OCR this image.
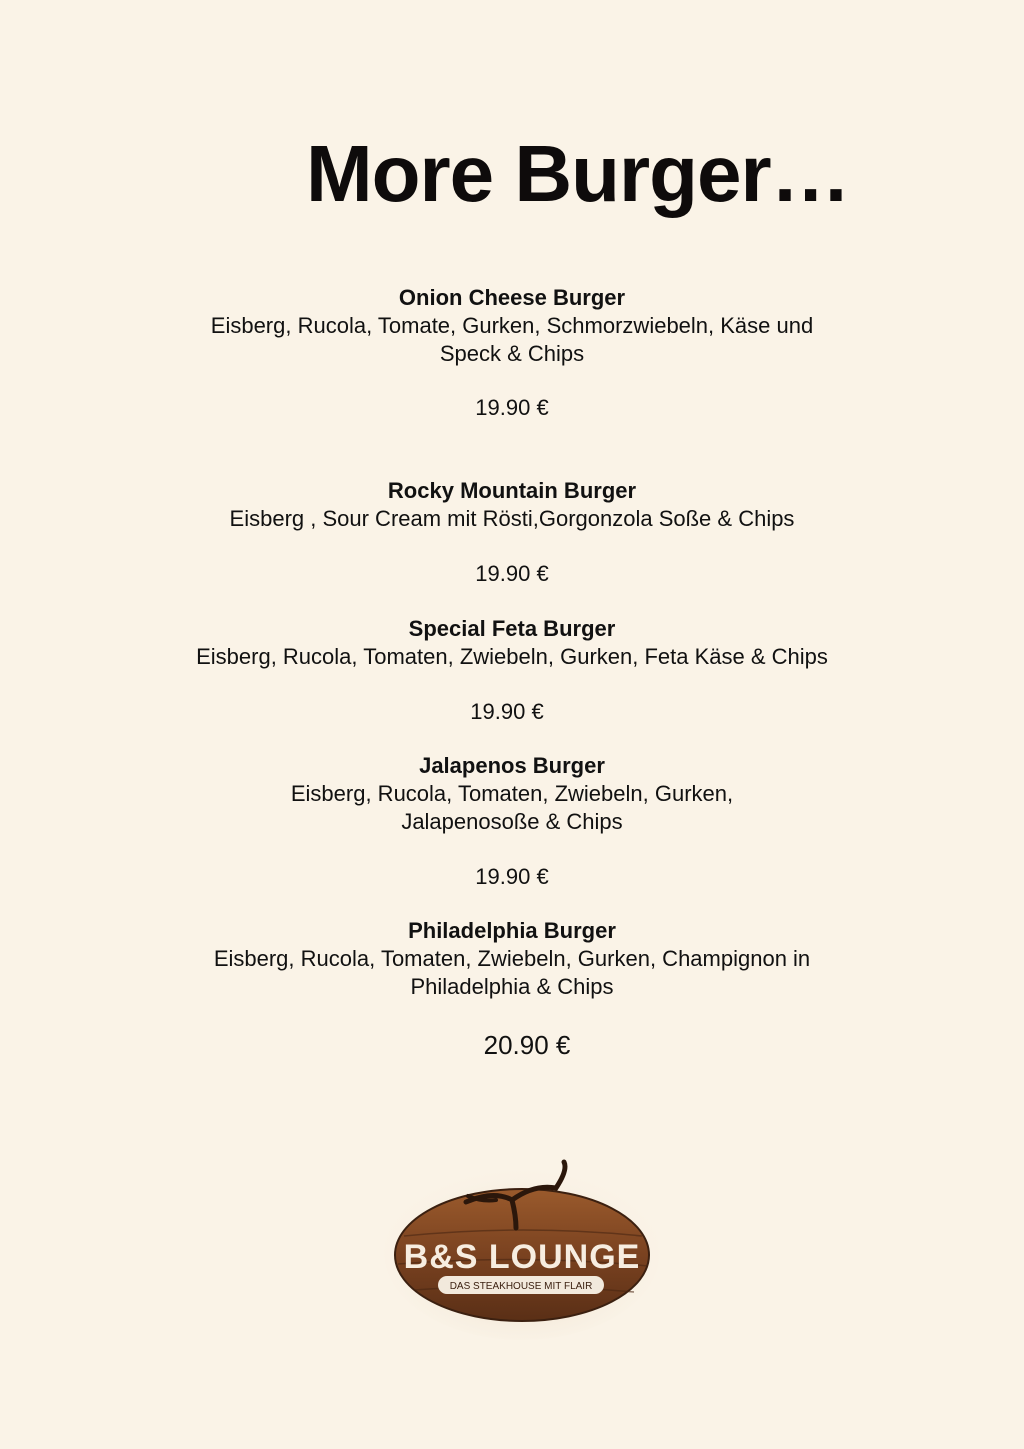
More Burger…
Onion Cheese Burger
Eisberg, Rucola, Tomate, Gurken, Schmorzwiebeln, Käse und
Speck & Chips
19.90 €
Rocky Mountain Burger
Eisberg , Sour Cream mit Rösti,Gorgonzola Soße & Chips
19.90 €
Special Feta Burger
Eisberg, Rucola, Tomaten, Zwiebeln, Gurken, Feta Käse & Chips
19.90 €
Jalapenos Burger
Eisberg, Rucola, Tomaten, Zwiebeln, Gurken,
Jalapenosoße & Chips
19.90 €
Philadelphia Burger
Eisberg, Rucola, Tomaten, Zwiebeln, Gurken, Champignon in
Philadelphia & Chips
20.90 €
B&S LOUNGE
DAS STEAKHOUSE MIT FLAIR
